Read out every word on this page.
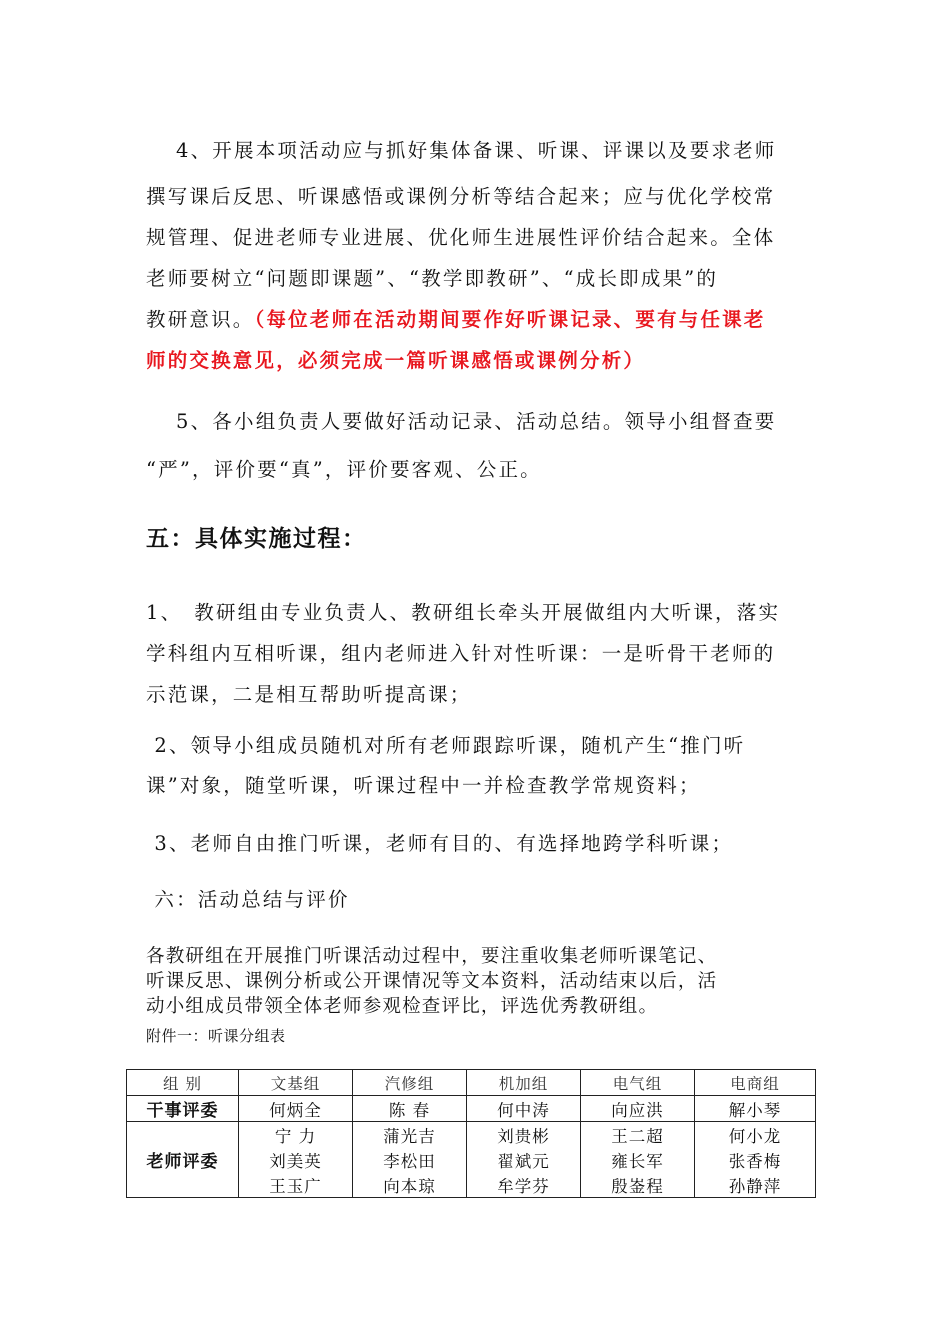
4、开展本项活动应与抓好集体备课、听课、评课以及要求老师
撰写课后反思、听课感悟或课例分析等结合起来；应与优化学校常
规管理、促进老师专业进展、优化师生进展性评价结合起来。全体
老师要树立“问题即课题”、“教学即教研”、“成长即成果”的
教研意识。（每位老师在活动期间要作好听课记录、要有与任课老
师的交换意见，必须完成一篇听课感悟或课例分析）
5、各小组负责人要做好活动记录、活动总结。领导小组督查要
“严”，评价要“真”，评价要客观、公正。
五：具体实施过程：
1、　教研组由专业负责人、教研组长牵头开展做组内大听课，落实
学科组内互相听课，组内老师进入针对性听课：一是听骨干老师的
示范课，二是相互帮助听提高课；
2、领导小组成员随机对所有老师跟踪听课，随机产生“推门听
课”对象，随堂听课，听课过程中一并检查教学常规资料；
3、老师自由推门听课，老师有目的、有选择地跨学科听课；
六：活动总结与评价
各教研组在开展推门听课活动过程中，要注重收集老师听课笔记、
听课反思、课例分析或公开课情况等文本资料，活动结束以后，活
动小组成员带领全体老师参观检查评比，评选优秀教研组。

附件一：听课分组表

组 别	文基组	汽修组	机加组	电气组	电商组
干事评委	何炳全	陈 春	何中涛	向应洪	解小琴
老师评委	宁 力	蒲光吉	刘贵彬	王二超	何小龙
	刘美英	李松田	翟斌元	雍长军	张香梅
	王玉广	向本琼	牟学芬	殷崟程	孙静萍
